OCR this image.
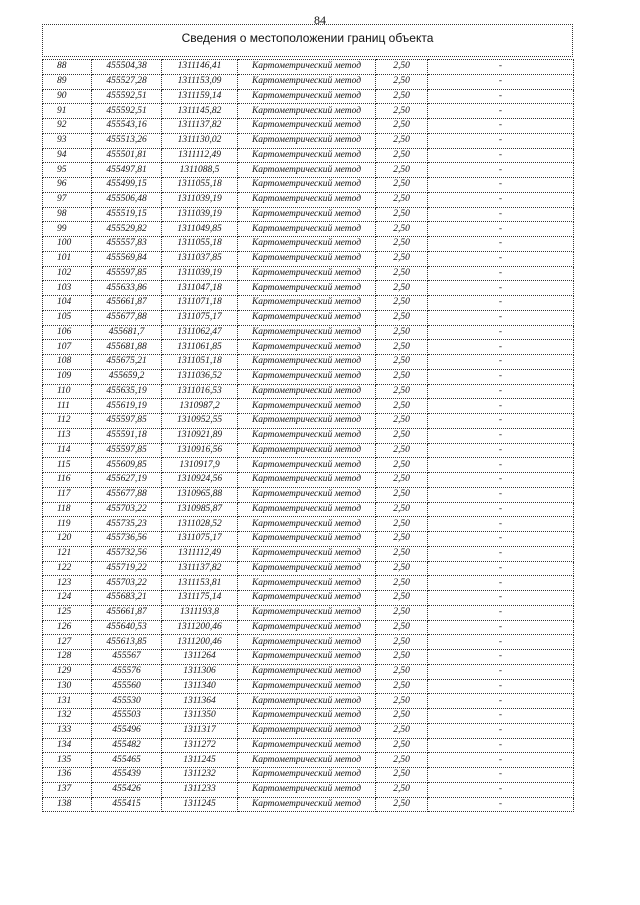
84
Сведения о местоположении границ объекта
88	455504,38	1311146,41	Картометрический метод	2,50	-
89	455527,28	1311153,09	Картометрический метод	2,50	-
90	455592,51	1311159,14	Картометрический метод	2,50	-
91	455592,51	1311145,82	Картометрический метод	2,50	-
92	455543,16	1311137,82	Картометрический метод	2,50	-
93	455513,26	1311130,02	Картометрический метод	2,50	-
94	455501,81	1311112,49	Картометрический метод	2,50	-
95	455497,81	1311088,5	Картометрический метод	2,50	-
96	455499,15	1311055,18	Картометрический метод	2,50	-
97	455506,48	1311039,19	Картометрический метод	2,50	-
98	455519,15	1311039,19	Картометрический метод	2,50	-
99	455529,82	1311049,85	Картометрический метод	2,50	-
100	455557,83	1311055,18	Картометрический метод	2,50	-
101	455569,84	1311037,85	Картометрический метод	2,50	-
102	455597,85	1311039,19	Картометрический метод	2,50	-
103	455633,86	1311047,18	Картометрический метод	2,50	-
104	455661,87	1311071,18	Картометрический метод	2,50	-
105	455677,88	1311075,17	Картометрический метод	2,50	-
106	455681,7	1311062,47	Картометрический метод	2,50	-
107	455681,88	1311061,85	Картометрический метод	2,50	-
108	455675,21	1311051,18	Картометрический метод	2,50	-
109	455659,2	1311036,52	Картометрический метод	2,50	-
110	455635,19	1311016,53	Картометрический метод	2,50	-
111	455619,19	1310987,2	Картометрический метод	2,50	-
112	455597,85	1310952,55	Картометрический метод	2,50	-
113	455591,18	1310921,89	Картометрический метод	2,50	-
114	455597,85	1310916,56	Картометрический метод	2,50	-
115	455609,85	1310917,9	Картометрический метод	2,50	-
116	455627,19	1310924,56	Картометрический метод	2,50	-
117	455677,88	1310965,88	Картометрический метод	2,50	-
118	455703,22	1310985,87	Картометрический метод	2,50	-
119	455735,23	1311028,52	Картометрический метод	2,50	-
120	455736,56	1311075,17	Картометрический метод	2,50	-
121	455732,56	1311112,49	Картометрический метод	2,50	-
122	455719,22	1311137,82	Картометрический метод	2,50	-
123	455703,22	1311153,81	Картометрический метод	2,50	-
124	455683,21	1311175,14	Картометрический метод	2,50	-
125	455661,87	1311193,8	Картометрический метод	2,50	-
126	455640,53	1311200,46	Картометрический метод	2,50	-
127	455613,85	1311200,46	Картометрический метод	2,50	-
128	455567	1311264	Картометрический метод	2,50	-
129	455576	1311306	Картометрический метод	2,50	-
130	455560	1311340	Картометрический метод	2,50	-
131	455530	1311364	Картометрический метод	2,50	-
132	455503	1311350	Картометрический метод	2,50	-
133	455496	1311317	Картометрический метод	2,50	-
134	455482	1311272	Картометрический метод	2,50	-
135	455465	1311245	Картометрический метод	2,50	-
136	455439	1311232	Картометрический метод	2,50	-
137	455426	1311233	Картометрический метод	2,50	-
138	455415	1311245	Картометрический метод	2,50	-
